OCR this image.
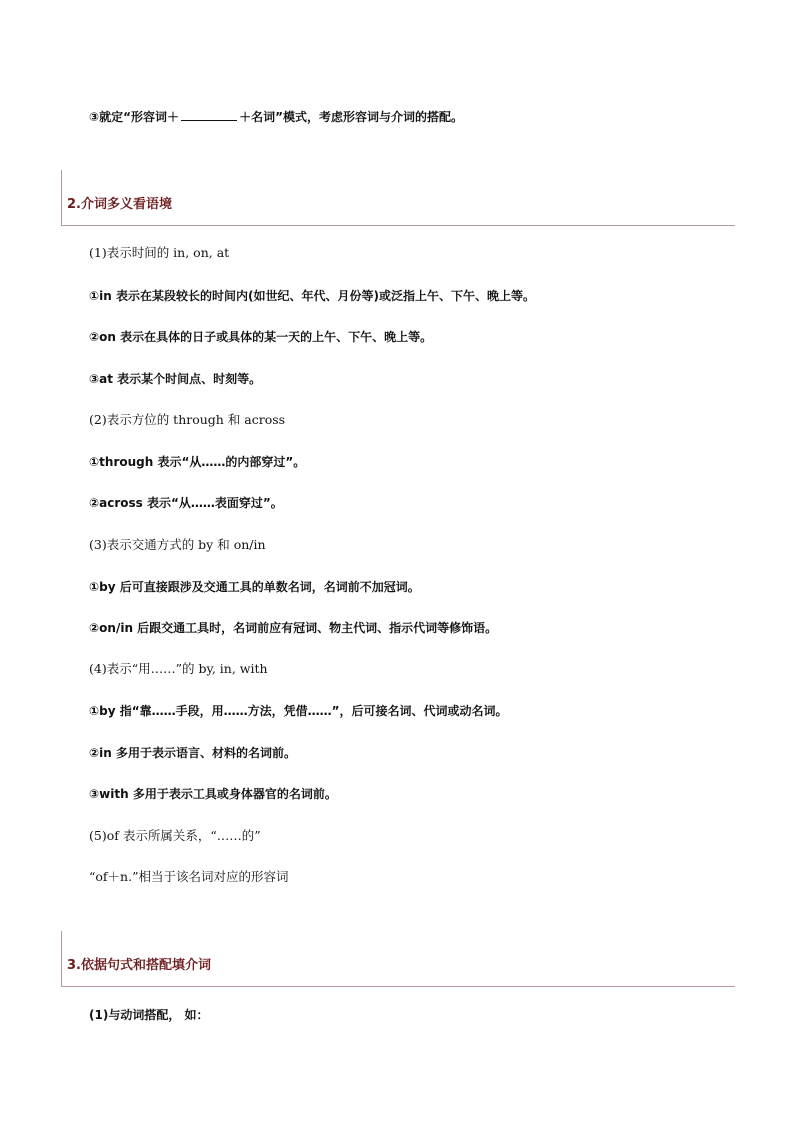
③就定“形容词＋	＋名词”模式，考虑形容词与介词的搭配。
2.介词多义看语境
(1)表示时间的 in, on, at
①in 表示在某段较长的时间内(如世纪、年代、月份等)或泛指上午、下午、晚上等。
②on 表示在具体的日子或具体的某一天的上午、下午、晚上等。
③at 表示某个时间点、时刻等。
(2)表示方位的 through 和 across
①through 表示“从……的内部穿过”。
②across 表示“从……表面穿过”。
(3)表示交通方式的 by 和 on/in
①by 后可直接跟涉及交通工具的单数名词，名词前不加冠词。
②on/in 后跟交通工具时，名词前应有冠词、物主代词、指示代词等修饰语。
(4)表示“用……”的 by, in, with
①by 指“靠……手段，用……方法，凭借……”，后可接名词、代词或动名词。
②in 多用于表示语言、材料的名词前。
③with 多用于表示工具或身体器官的名词前。
(5)of 表示所属关系，“……的”
“of＋n.”相当于该名词对应的形容词
3.依据句式和搭配填介词
(1)与动词搭配， 如：
